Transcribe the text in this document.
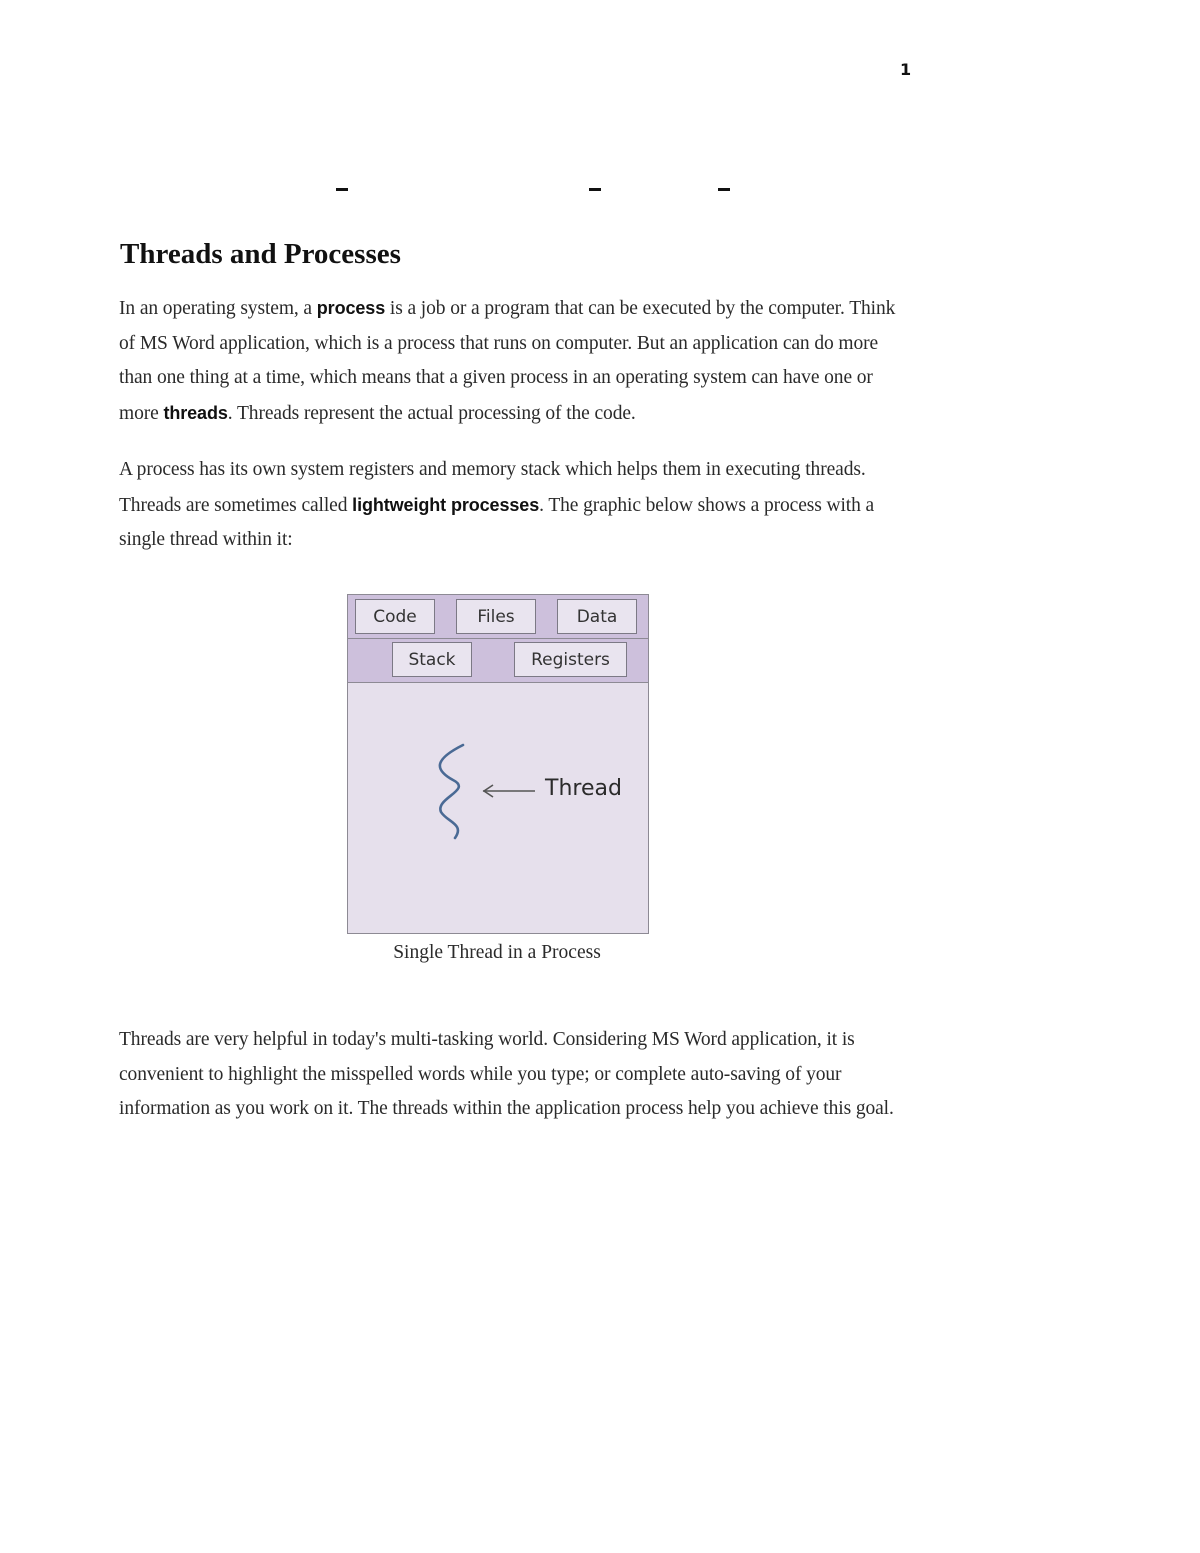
1
Threads and Processes

In an operating system, a process is a job or a program that can be executed by the computer. Think of MS Word application, which is a process that runs on computer. But an application can do more than one thing at a time, which means that a given process in an operating system can have one or more threads. Threads represent the actual processing of the code.

A process has its own system registers and memory stack which helps them in executing threads. Threads are sometimes called lightweight processes. The graphic below shows a process with a single thread within it:

Code	Files	Data
Stack	Registers
Thread
Single Thread in a Process

Threads are very helpful in today's multi-tasking world. Considering MS Word application, it is convenient to highlight the misspelled words while you type; or complete auto-saving of your information as you work on it. The threads within the application process help you achieve this goal.
